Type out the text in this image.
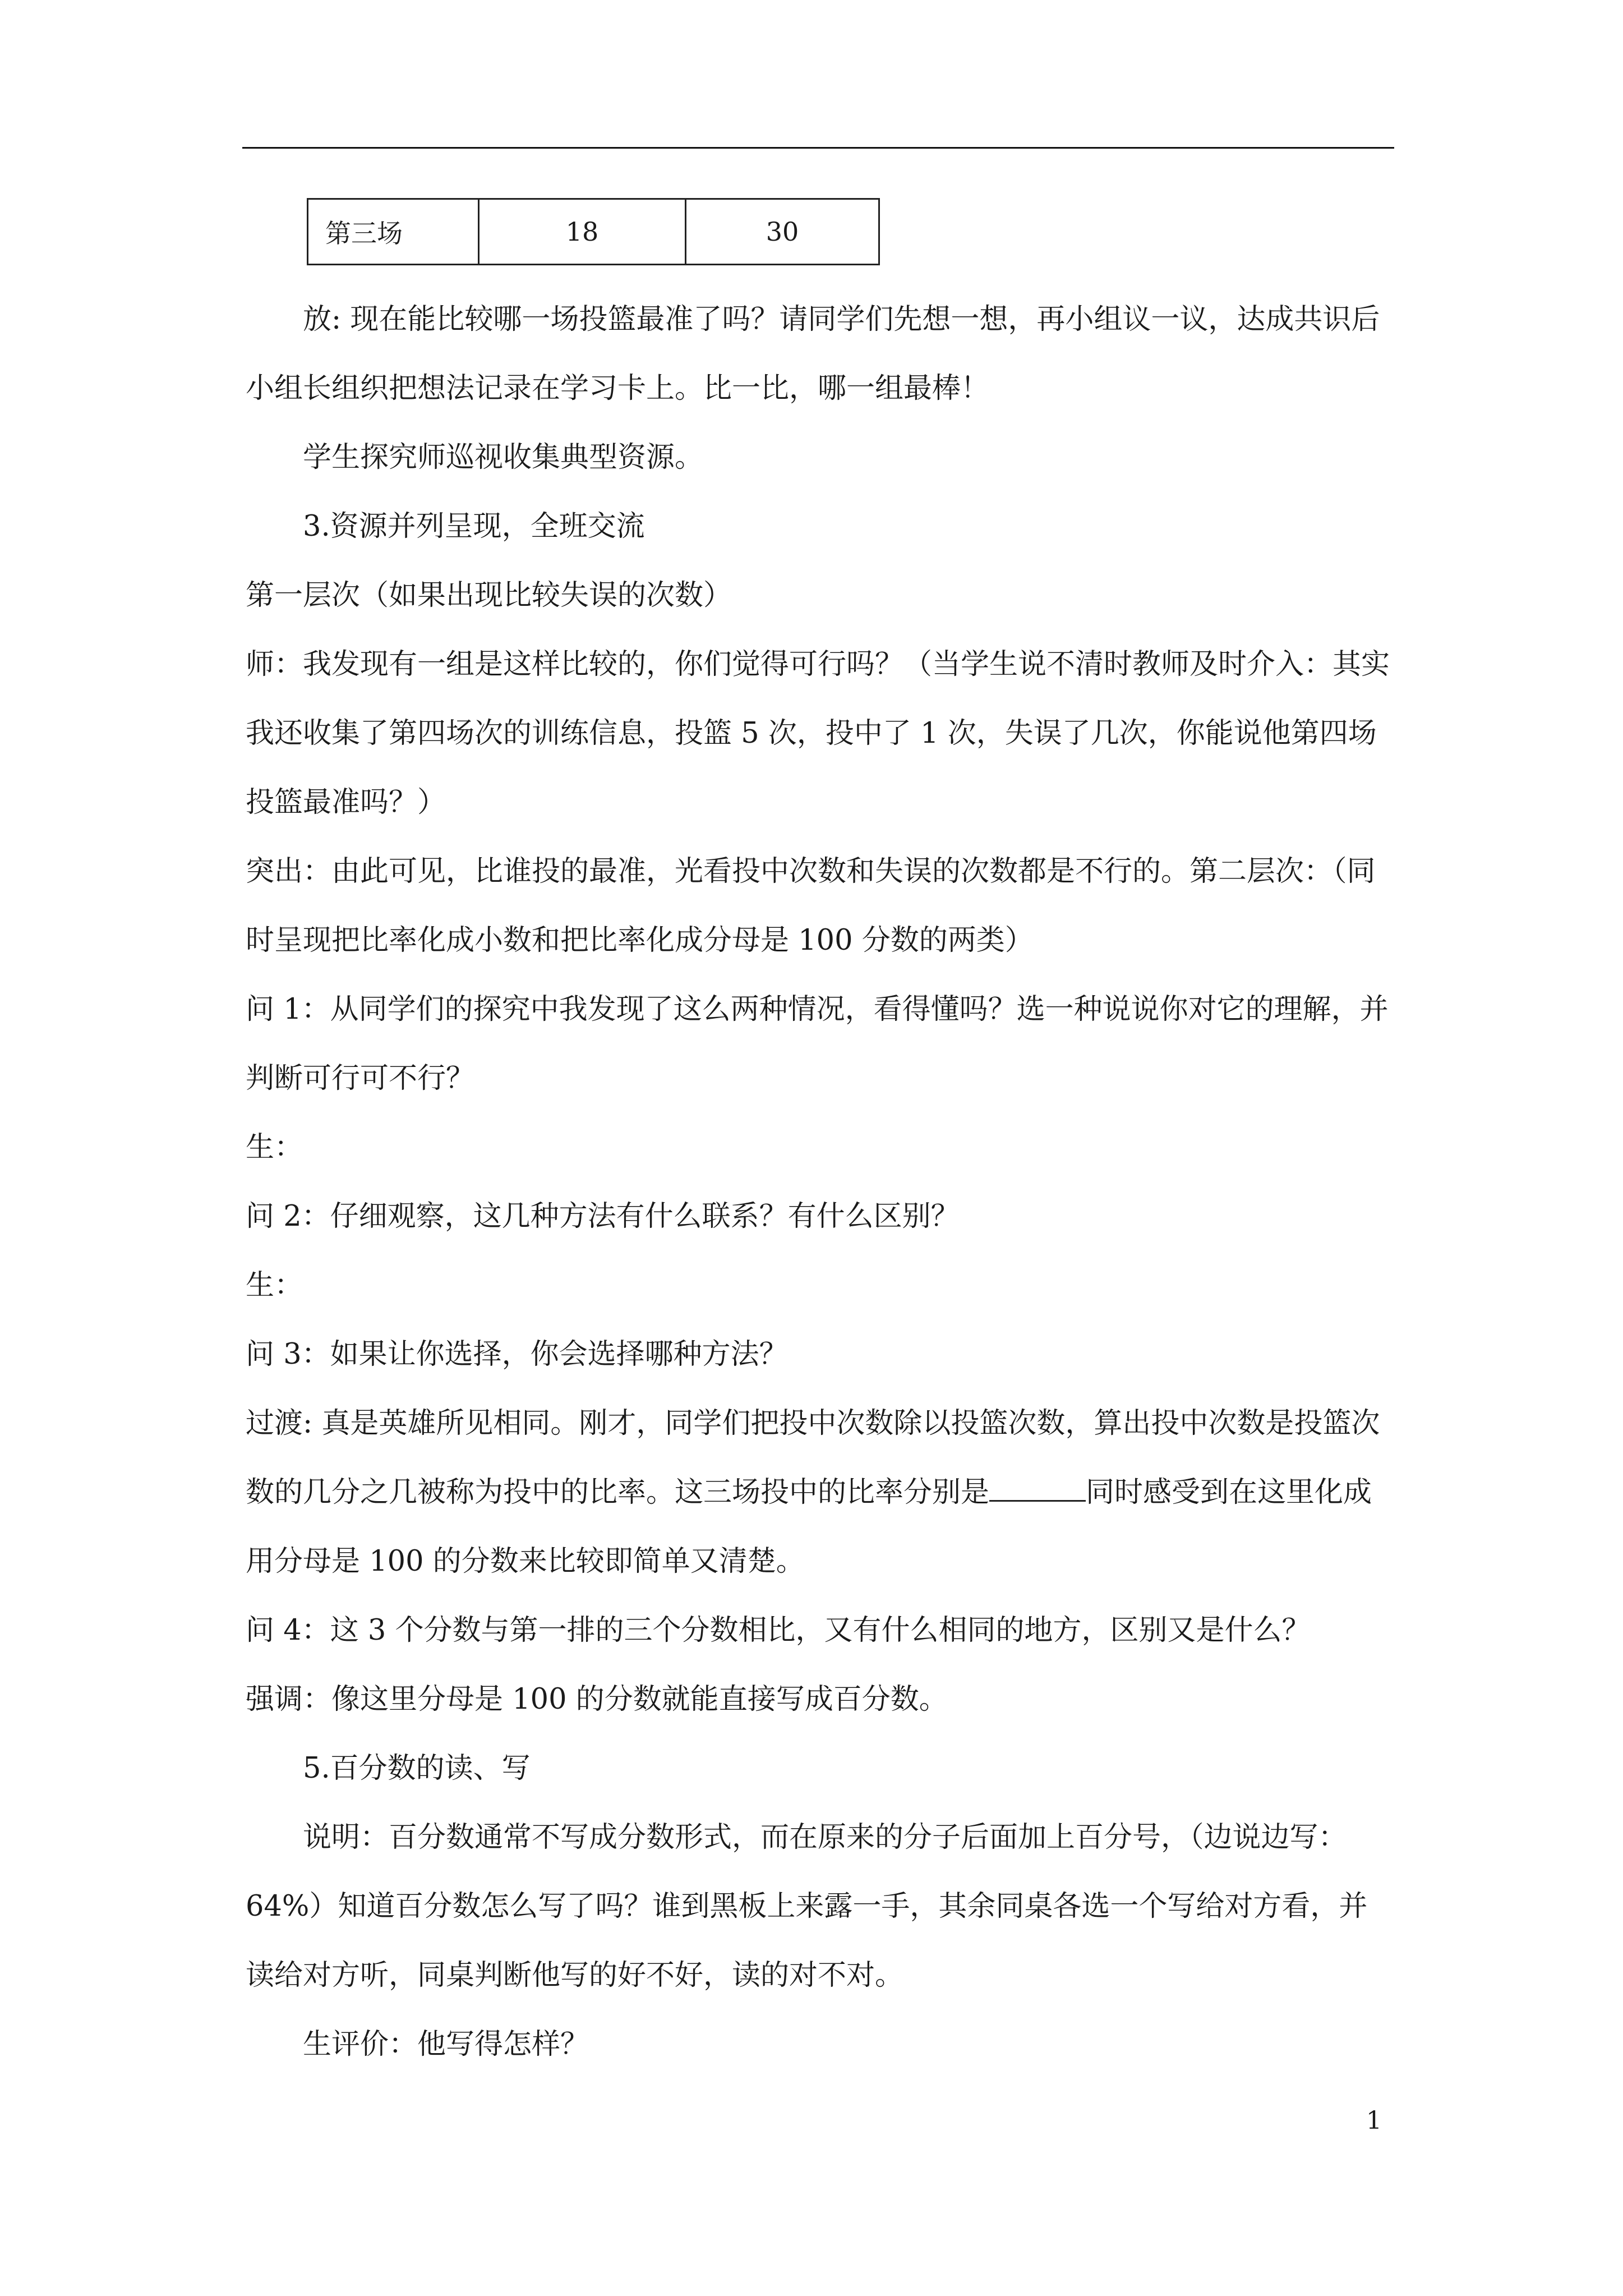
第三场	18	30

放: 现在能比较哪一场投篮最准了吗？请同学们先想一想，再小组议一议，达成共识后小组长组织把想法记录在学习卡上。比一比，哪一组最棒！

学生探究师巡视收集典型资源。

3.资源并列呈现，全班交流

第一层次（如果出现比较失误的次数）

师：我发现有一组是这样比较的，你们觉得可行吗？（当学生说不清时教师及时介入：其实我还收集了第四场次的训练信息，投篮 5 次，投中了 1 次，失误了几次，你能说他第四场投篮最准吗？）

突出：由此可见，比谁投的最准，光看投中次数和失误的次数都是不行的。第二层次：（同时呈现把比率化成小数和把比率化成分母是 100 分数的两类）

问 1：从同学们的探究中我发现了这么两种情况，看得懂吗？选一种说说你对它的理解，并判断可行可不行？

生：

问 2：仔细观察，这几种方法有什么联系？有什么区别？

生：

问 3：如果让你选择，你会选择哪种方法？

过渡: 真是英雄所见相同。刚才，同学们把投中次数除以投篮次数，算出投中次数是投篮次数的几分之几被称为投中的比率。这三场投中的比率分别是	同时感受到在这里化成用分母是 100 的分数来比较即简单又清楚。

问 4：这 3 个分数与第一排的三个分数相比，又有什么相同的地方，区别又是什么？

强调：像这里分母是 100 的分数就能直接写成百分数。

5.百分数的读、写

说明：百分数通常不写成分数形式，而在原来的分子后面加上百分号，（边说边写：64%）知道百分数怎么写了吗？谁到黑板上来露一手，其余同桌各选一个写给对方看，并读给对方听，同桌判断他写的好不好，读的对不对。

生评价：他写得怎样？

1
